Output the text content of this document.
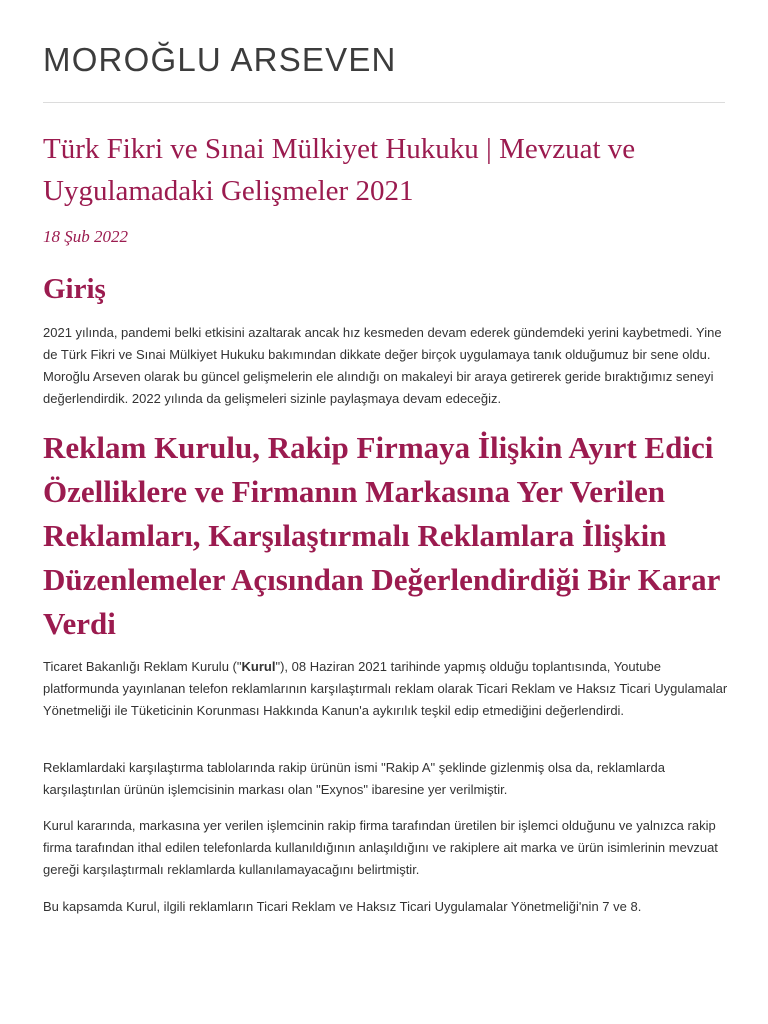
MOROĞLU ARSEVEN
Türk Fikri ve Sınai Mülkiyet Hukuku | Mevzuat ve Uygulamadaki Gelişmeler 2021
18 Şub 2022
Giriş

2021 yılında, pandemi belki etkisini azaltarak ancak hız kesmeden devam ederek gündemdeki yerini kaybetmedi. Yine de Türk Fikri ve Sınai Mülkiyet Hukuku bakımından dikkate değer birçok uygulamaya tanık olduğumuz bir sene oldu. Moroğlu Arseven olarak bu güncel gelişmelerin ele alındığı on makaleyi bir araya getirerek geride bıraktığımız seneyi değerlendirdik. 2022 yılında da gelişmeleri sizinle paylaşmaya devam edeceğiz.

Reklam Kurulu, Rakip Firmaya İlişkin Ayırt Edici Özelliklere ve Firmanın Markasına Yer Verilen Reklamları, Karşılaştırmalı Reklamlara İlişkin Düzenlemeler Açısından Değerlendirdiği Bir Karar Verdi

Ticaret Bakanlığı Reklam Kurulu ("Kurul"), 08 Haziran 2021 tarihinde yapmış olduğu toplantısında, Youtube platformunda yayınlanan telefon reklamlarının karşılaştırmalı reklam olarak Ticari Reklam ve Haksız Ticari Uygulamalar Yönetmeliği ile Tüketicinin Korunması Hakkında Kanun'a aykırılık teşkil edip etmediğini değerlendirdi.

Reklamlardaki karşılaştırma tablolarında rakip ürünün ismi "Rakip A" şeklinde gizlenmiş olsa da, reklamlarda karşılaştırılan ürünün işlemcisinin markası olan "Exynos" ibaresine yer verilmiştir.

Kurul kararında, markasına yer verilen işlemcinin rakip firma tarafından üretilen bir işlemci olduğunu ve yalnızca rakip firma tarafından ithal edilen telefonlarda kullanıldığının anlaşıldığını ve rakiplere ait marka ve ürün isimlerinin mevzuat gereği karşılaştırmalı reklamlarda kullanılamayacağını belirtmiştir.

Bu kapsamda Kurul, ilgili reklamların Ticari Reklam ve Haksız Ticari Uygulamalar Yönetmeliği'nin 7 ve 8.
